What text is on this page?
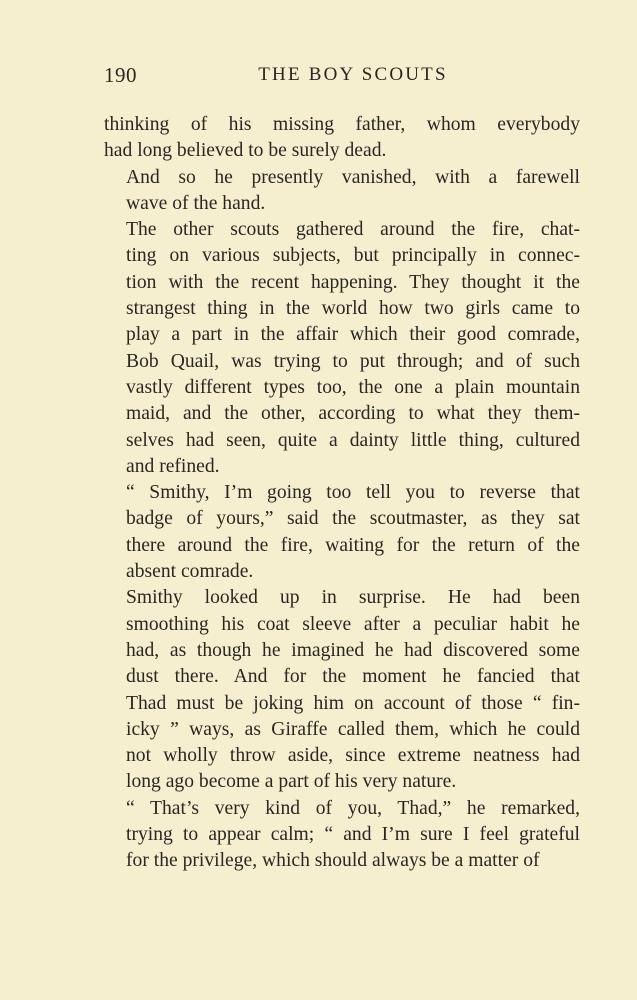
190	THE BOY SCOUTS

thinking of his missing father, whom everybody
had long believed to be surely dead.

And so he presently vanished, with a farewell
wave of the hand.

The other scouts gathered around the fire, chat-
ting on various subjects, but principally in connec-
tion with the recent happening. They thought it the
strangest thing in the world how two girls came to
play a part in the affair which their good comrade,
Bob Quail, was trying to put through; and of such
vastly different types too, the one a plain mountain
maid, and the other, according to what they them-
selves had seen, quite a dainty little thing, cultured
and refined.

“ Smithy, I’m going too tell you to reverse that
badge of yours,” said the scoutmaster, as they sat
there around the fire, waiting for the return of the
absent comrade.

Smithy looked up in surprise. He had been
smoothing his coat sleeve after a peculiar habit he
had, as though he imagined he had discovered some
dust there. And for the moment he fancied that
Thad must be joking him on account of those “ fin-
icky ” ways, as Giraffe called them, which he could
not wholly throw aside, since extreme neatness had
long ago become a part of his very nature.

“ That’s very kind of you, Thad,” he remarked,
trying to appear calm; “ and I’m sure I feel grateful
for the privilege, which should always be a matter of
